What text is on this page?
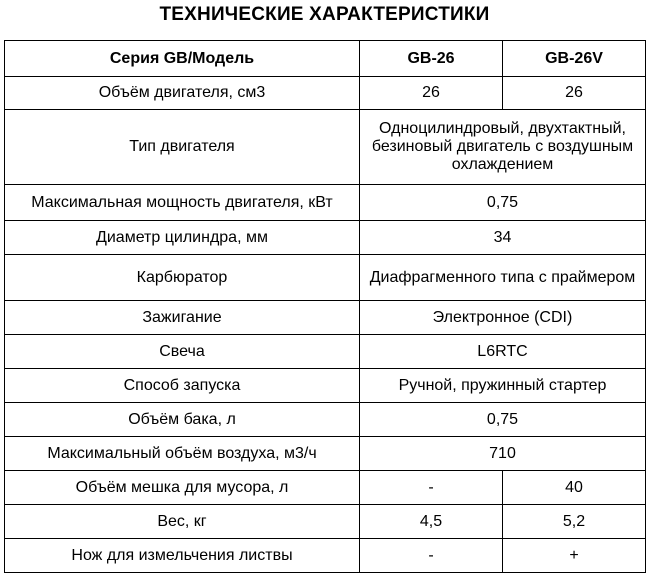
ТЕХНИЧЕСКИЕ ХАРАКТЕРИСТИКИ
Серия GB/Модель	GB-26	GB-26V
Объём двигателя, см3	26	26
Тип двигателя	Одноцилиндровый, двухтактный, безиновый двигатель с воздушным охлаждением	
Максимальная мощность двигателя, кВт	0,75	
Диаметр цилиндра, мм	34	
Карбюратор	Диафрагменного типа с праймером	
Зажигание	Электронное (CDI)	
Свеча	L6RTC	
Способ запуска	Ручной, пружинный стартер	
Объём бака, л	0,75	
Максимальный объём воздуха, м3/ч	710	
Объём мешка для мусора, л	-	40
Вес, кг	4,5	5,2
Нож для измельчения листвы	-	+
